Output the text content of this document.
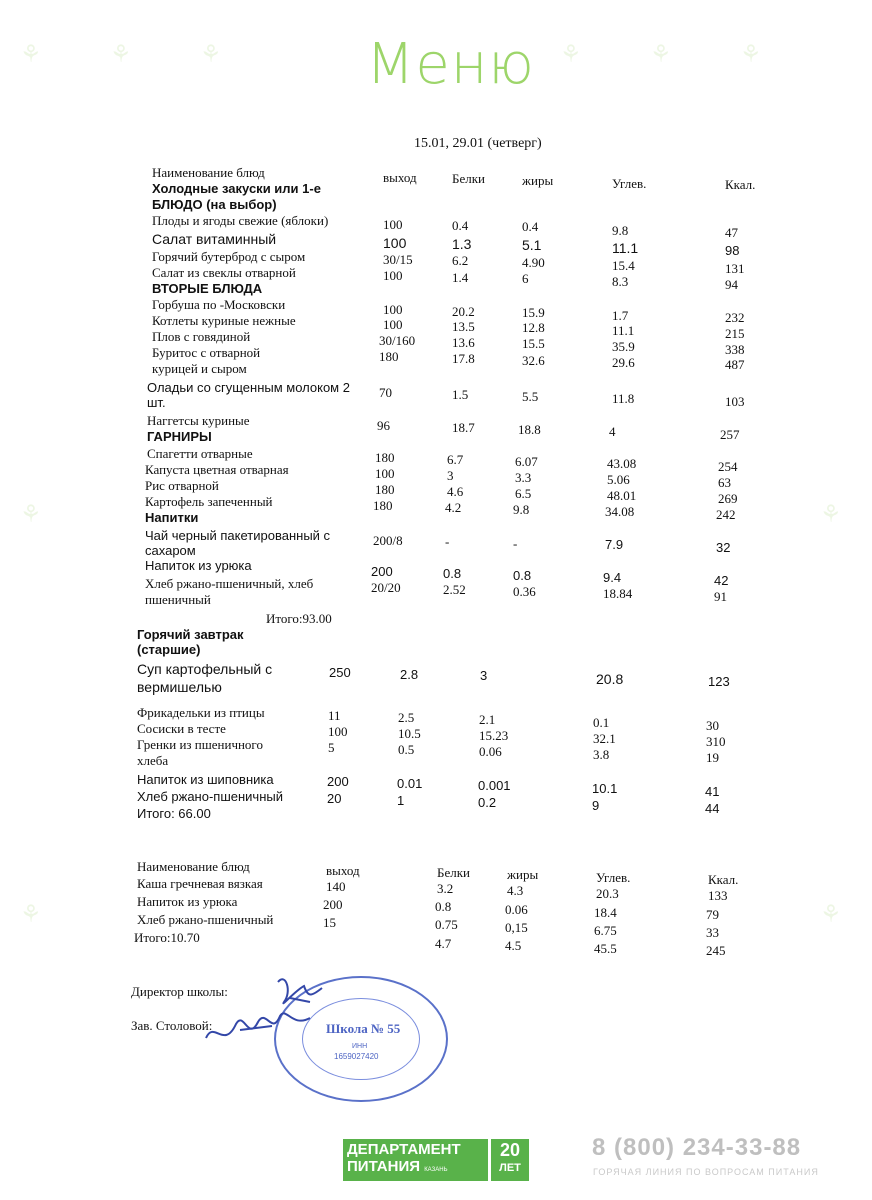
⚘	⚘	⚘	⚘	⚘	⚘
⚘	⚘
⚘	⚘
Меню
15.01, 29.01 (четверг)
Наименование блюд	выход	Белки	жиры	Углев.	Ккал.
Холодные закуски или 1-е
БЛЮДО (на выбор)
Плоды и ягоды свежие (яблоки)	100	0.4	0.4	9.8	47
Салат витаминный	100	1.3	5.1	11.1	98
Горячий бутерброд с сыром	30/15	6.2	4.90	15.4	131
Салат из свеклы отварной	100	1.4	6	8.3	94
ВТОРЫЕ БЛЮДА
Горбуша по -Московски	100	20.2	15.9	1.7	232
Котлеты куриные нежные	100	13.5	12.8	11.1	215
Плов с говядиной	30/160	13.6	15.5	35.9	338
Буритос с отварной
курицей и сыром
180	17.8	32.6	29.6	487
Оладьи со сгущенным молоком 2
шт.
70	1.5	5.5	11.8	103
Наггетсы куриные	96	18.7	18.8	4	257
ГАРНИРЫ
Спагетти отварные	180	6.7	6.07	43.08	254
Капуста цветная отварная	100	3	3.3	5.06	63
Рис отварной	180	4.6	6.5	48.01	269
Картофель запеченный	180	4.2	9.8	34.08	242
Напитки
Чай черный пакетированный с
сахаром
200/8	-	-	7.9	32
Напиток из урюка	200	0.8	0.8	9.4	42
Хлеб ржано-пшеничный, хлеб
пшеничный
20/20	2.52	0.36	18.84	91
Итого:93.00
Горячий завтрак
(старшие)
Суп картофельный с
вермишелью
250	2.8	3	20.8	123
Фрикадельки из птицы	11	2.5	2.1	0.1	30
Сосиски в тесте	100	10.5	15.23	32.1	310
Гренки из пшеничного
хлеба
5	0.5	0.06	3.8	19
Напиток из шиповника	200	0.01	0.001	10.1	41
Хлеб ржано-пшеничный	20	1	0.2	9	44
Итого: 66.00
Наименование блюд	выход	Белки	жиры	Углев.	Ккал.
Каша гречневая вязкая	140	3.2	4.3	20.3	133
Напиток из урюка	200	0.8	0.06	18.4	79
Хлеб ржано-пшеничный	15	0.75	0,15	6.75	33
Итого:10.70	4.7	4.5	45.5	245
Директор школы:
Зав. Столовой:	Школа № 55
ИНН
1659027420
ДЕПАРТАМЕНТ
ПИТАНИЯ КАЗАНЬ
20
ЛЕТ
8 (800) 234-33-88
ГОРЯЧАЯ ЛИНИЯ ПО ВОПРОСАМ ПИТАНИЯ
